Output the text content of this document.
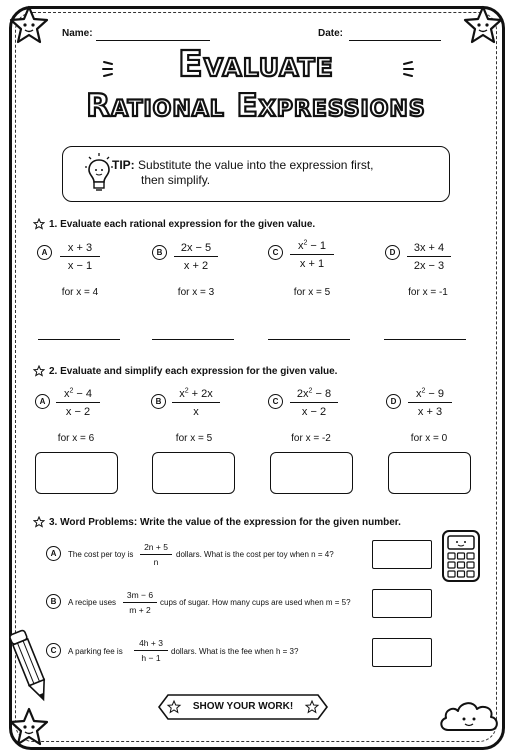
Name:	Date:
Evaluate
Rational Expressions
TIP: Substitute the value into the expression first,
then simplify.
1. Evaluate each rational expression for the given value.
A	$\frac{x + 3}{x - 1}$
for x = 4
B	$\frac{2x - 5}{x + 2}$
for x = 3
C	$\frac{x^2 - 1}{x + 1}$
for x = 5
D	$\frac{3x + 4}{2x - 3}$
for x = -1
2. Evaluate and simplify each expression for the given value.
A $\frac{x^2 - 4}{x - 2}$
for x = 6
B $\frac{x^2 + 2x}{x}$
for x = 5
C	$\frac{2x^2 - 8}{x - 2}$
for x = -2
D	$\frac{x^2 - 9}{x + 3}$
for x = 0
3. Word Problems: Write the value of the expression for the given number.
A	The cost per toy is $\frac{2n + 5}{n}$ dollars. What is the cost per toy when n = 4?
B	A recipe uses $\frac{3m - 6}{m + 2}$ cups of sugar. How many cups are used when m = 5?
C	A parking fee is $\frac{4h + 3}{h - 1}$ dollars. What is the fee when h = 3?
SHOW YOUR WORK!
